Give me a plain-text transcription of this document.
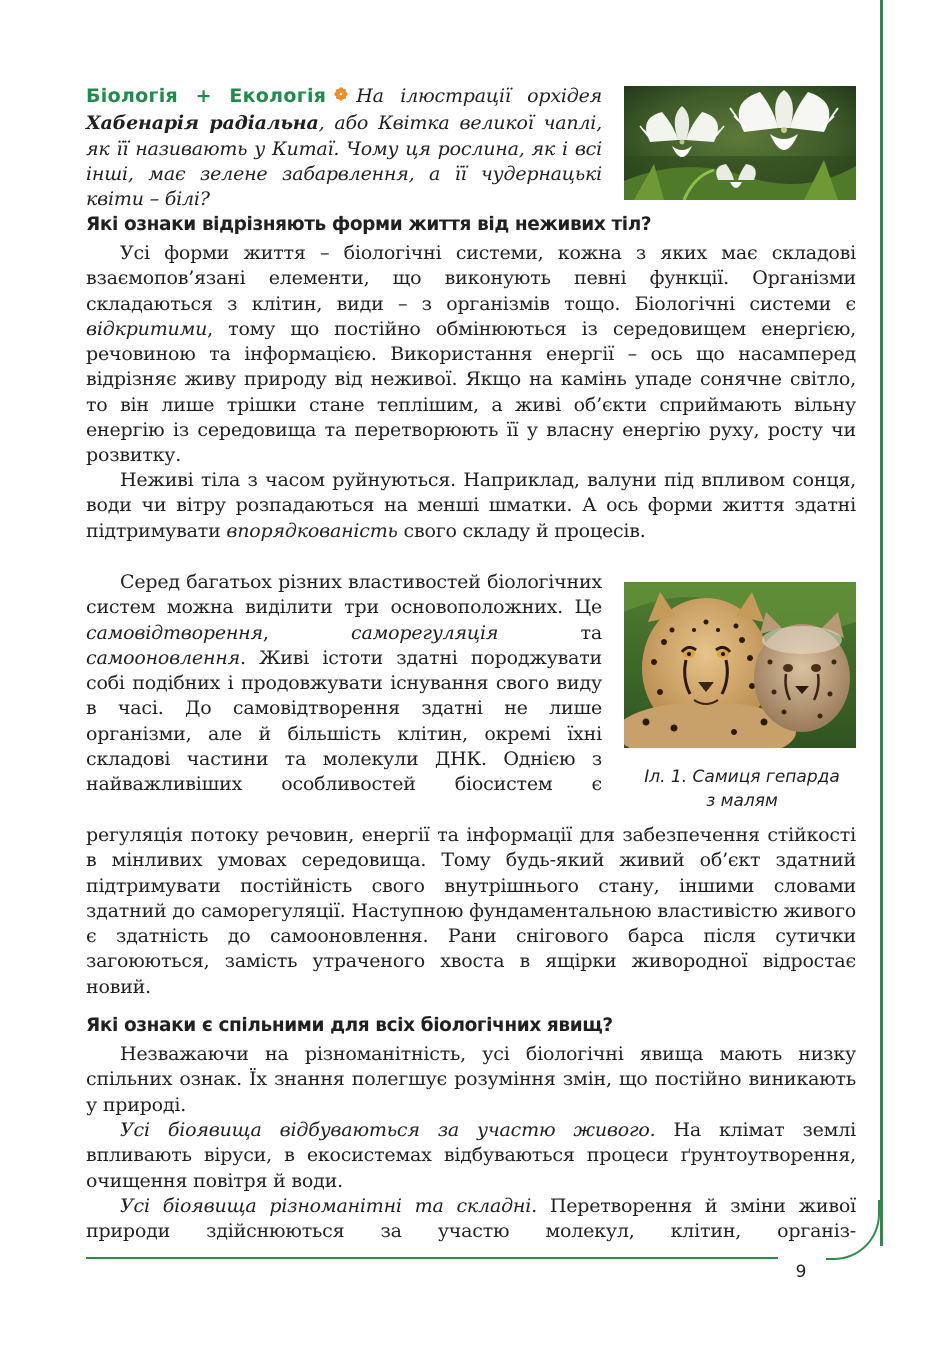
9

Біологія + Екологія На ілюстрації орхідея Хабенарія радіальна, або Квітка великої чаплі, як її називають у Китаї. Чому ця рослина, як і всі інші, має зелене забарвлення, а її чудернацькі квіти – білі?

Які ознаки відрізняють форми життя від неживих тіл?

Усі форми життя – біологічні системи, кожна з яких має складові взаємопов’язані елементи, що виконують певні функції. Організми складаються з клітин, види – з організмів тощо. Біологічні системи є відкритими, тому що постійно обмінюються із середовищем енергією, речовиною та інформацією. Використання енергії – ось що насамперед відрізняє живу природу від неживої. Якщо на камінь упаде сонячне світло, то він лише трішки стане теплішим, а живі об’єкти сприймають вільну енергію із середовища та перетворюють її у власну енергію руху, росту чи розвитку.

Неживі тіла з часом руйнуються. Наприклад, валуни під впливом сонця, води чи вітру розпадаються на менші шматки. А ось форми життя здатні підтримувати впорядкованість свого складу й процесів.

Серед багатьох різних властивостей біологічних систем можна виділити три основоположних. Це самовідтворення, саморегуляція та самооновлення. Живі істоти здатні породжувати собі подібних і продовжувати існування свого виду в часі. До самовідтворення здатні не лише організми, але й більшість клітин, окремі їхні складові частини та молекули ДНК. Однією з найважливіших особливостей біосистем є

регуляція потоку речовин, енергії та інформації для забезпечення стійкості в мінливих умовах середовища. Тому будь-який живий об’єкт здатний підтримувати постійність свого внутрішнього стану, іншими словами здатний до саморегуляції. Наступною фундаментальною властивістю живого є здатність до самооновлення. Рани снігового барса після сутички загоюються, замість утраченого хвоста в ящірки живородної відростає новий.

Іл. 1. Самиця гепарда
з малям
Які ознаки є спільними для всіх біологічних явищ?

Незважаючи на різноманітність, усі біологічні явища мають низку спільних ознак. Їх знання полегшує розуміння змін, що постійно виникають у природі.

Усі біоявища відбуваються за участю живого. На клімат землі впливають віруси, в екосистемах відбуваються процеси ґрунтоутворення, очищення повітря й води.

Усі біоявища різноманітні та складні. Перетворення й зміни живої природи здійснюються за участю молекул, клітин, організ-
